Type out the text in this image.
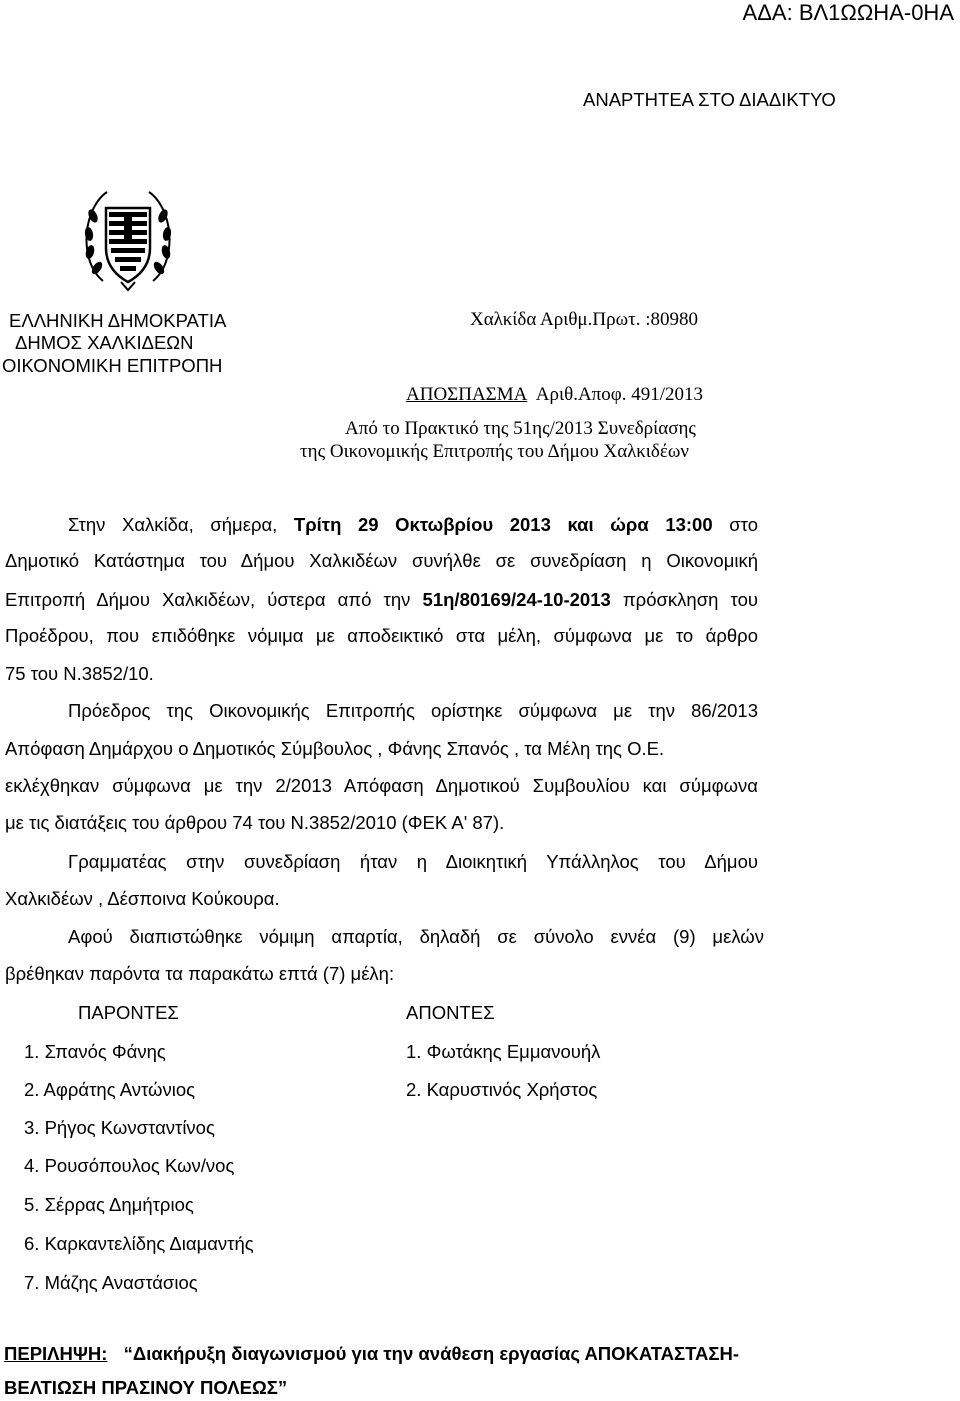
ΑΔΑ: ΒΛ1ΩΩΗΑ-0ΗΑ
ΑΝΑΡΤΗΤΕΑ ΣΤΟ ΔΙΑΔΙΚΤΥΟ
ΕΛΛΗΝΙΚΗ ΔΗΜΟΚΡΑΤΙΑ
ΔΗΜΟΣ ΧΑΛΚΙΔΕΩΝ
ΟΙΚΟΝΟΜΙΚΗ ΕΠΙΤΡΟΠΗ
Χαλκίδα Αριθμ.Πρωτ. :80980
ΑΠΟΣΠΑΣΜΑ Αριθ.Αποφ. 491/2013
Από το Πρακτικό της 51ης/2013 Συνεδρίασης
της Οικονομικής Επιτροπής του Δήμου Χαλκιδέων
Στην Χαλκίδα, σήμερα, Τρίτη 29 Οκτωβρίου 2013 και ώρα 13:00 στο
Δημοτικό Κατάστημα του Δήμου Χαλκιδέων συνήλθε σε συνεδρίαση η Οικονομική
Επιτροπή Δήμου Χαλκιδέων, ύστερα από την 51η/80169/24-10-2013 πρόσκληση του
Προέδρου, που επιδόθηκε νόμιμα με αποδεικτικό στα μέλη, σύμφωνα με το άρθρο
75 του Ν.3852/10.
Πρόεδρος της Οικονομικής Επιτροπής ορίστηκε σύμφωνα με την 86/2013
Απόφαση Δημάρχου ο Δημοτικός Σύμβουλος , Φάνης Σπανός , τα Μέλη της Ο.Ε.
εκλέχθηκαν σύμφωνα με την 2/2013 Απόφαση Δημοτικού Συμβουλίου και σύμφωνα
με τις διατάξεις του άρθρου 74 του Ν.3852/2010 (ΦΕΚ Α' 87).
Γραμματέας στην συνεδρίαση ήταν η Διοικητική Υπάλληλος του Δήμου
Χαλκιδέων , Δέσποινα Κούκουρα.
Αφού διαπιστώθηκε νόμιμη απαρτία, δηλαδή σε σύνολο εννέα (9) μελών
βρέθηκαν παρόντα τα παρακάτω επτά (7) μέλη:
ΠΑΡΟΝΤΕΣ	ΑΠΟΝΤΕΣ
1. Σπανός Φάνης
2. Αφράτης Αντώνιος
3. Ρήγος Κωνσταντίνος
4. Ρουσόπουλος Κων/νος
5. Σέρρας Δημήτριος
6. Καρκαντελίδης Διαμαντής
7. Μάζης Αναστάσιος
1. Φωτάκης Εμμανουήλ
2. Καρυστινός Χρήστος
ΠΕΡΙΛΗΨΗ: “Διακήρυξη διαγωνισμού για την ανάθεση εργασίας ΑΠΟΚΑΤΑΣΤΑΣΗ-
ΒΕΛΤΙΩΣΗ ΠΡΑΣΙΝΟΥ ΠΟΛΕΩΣ”
